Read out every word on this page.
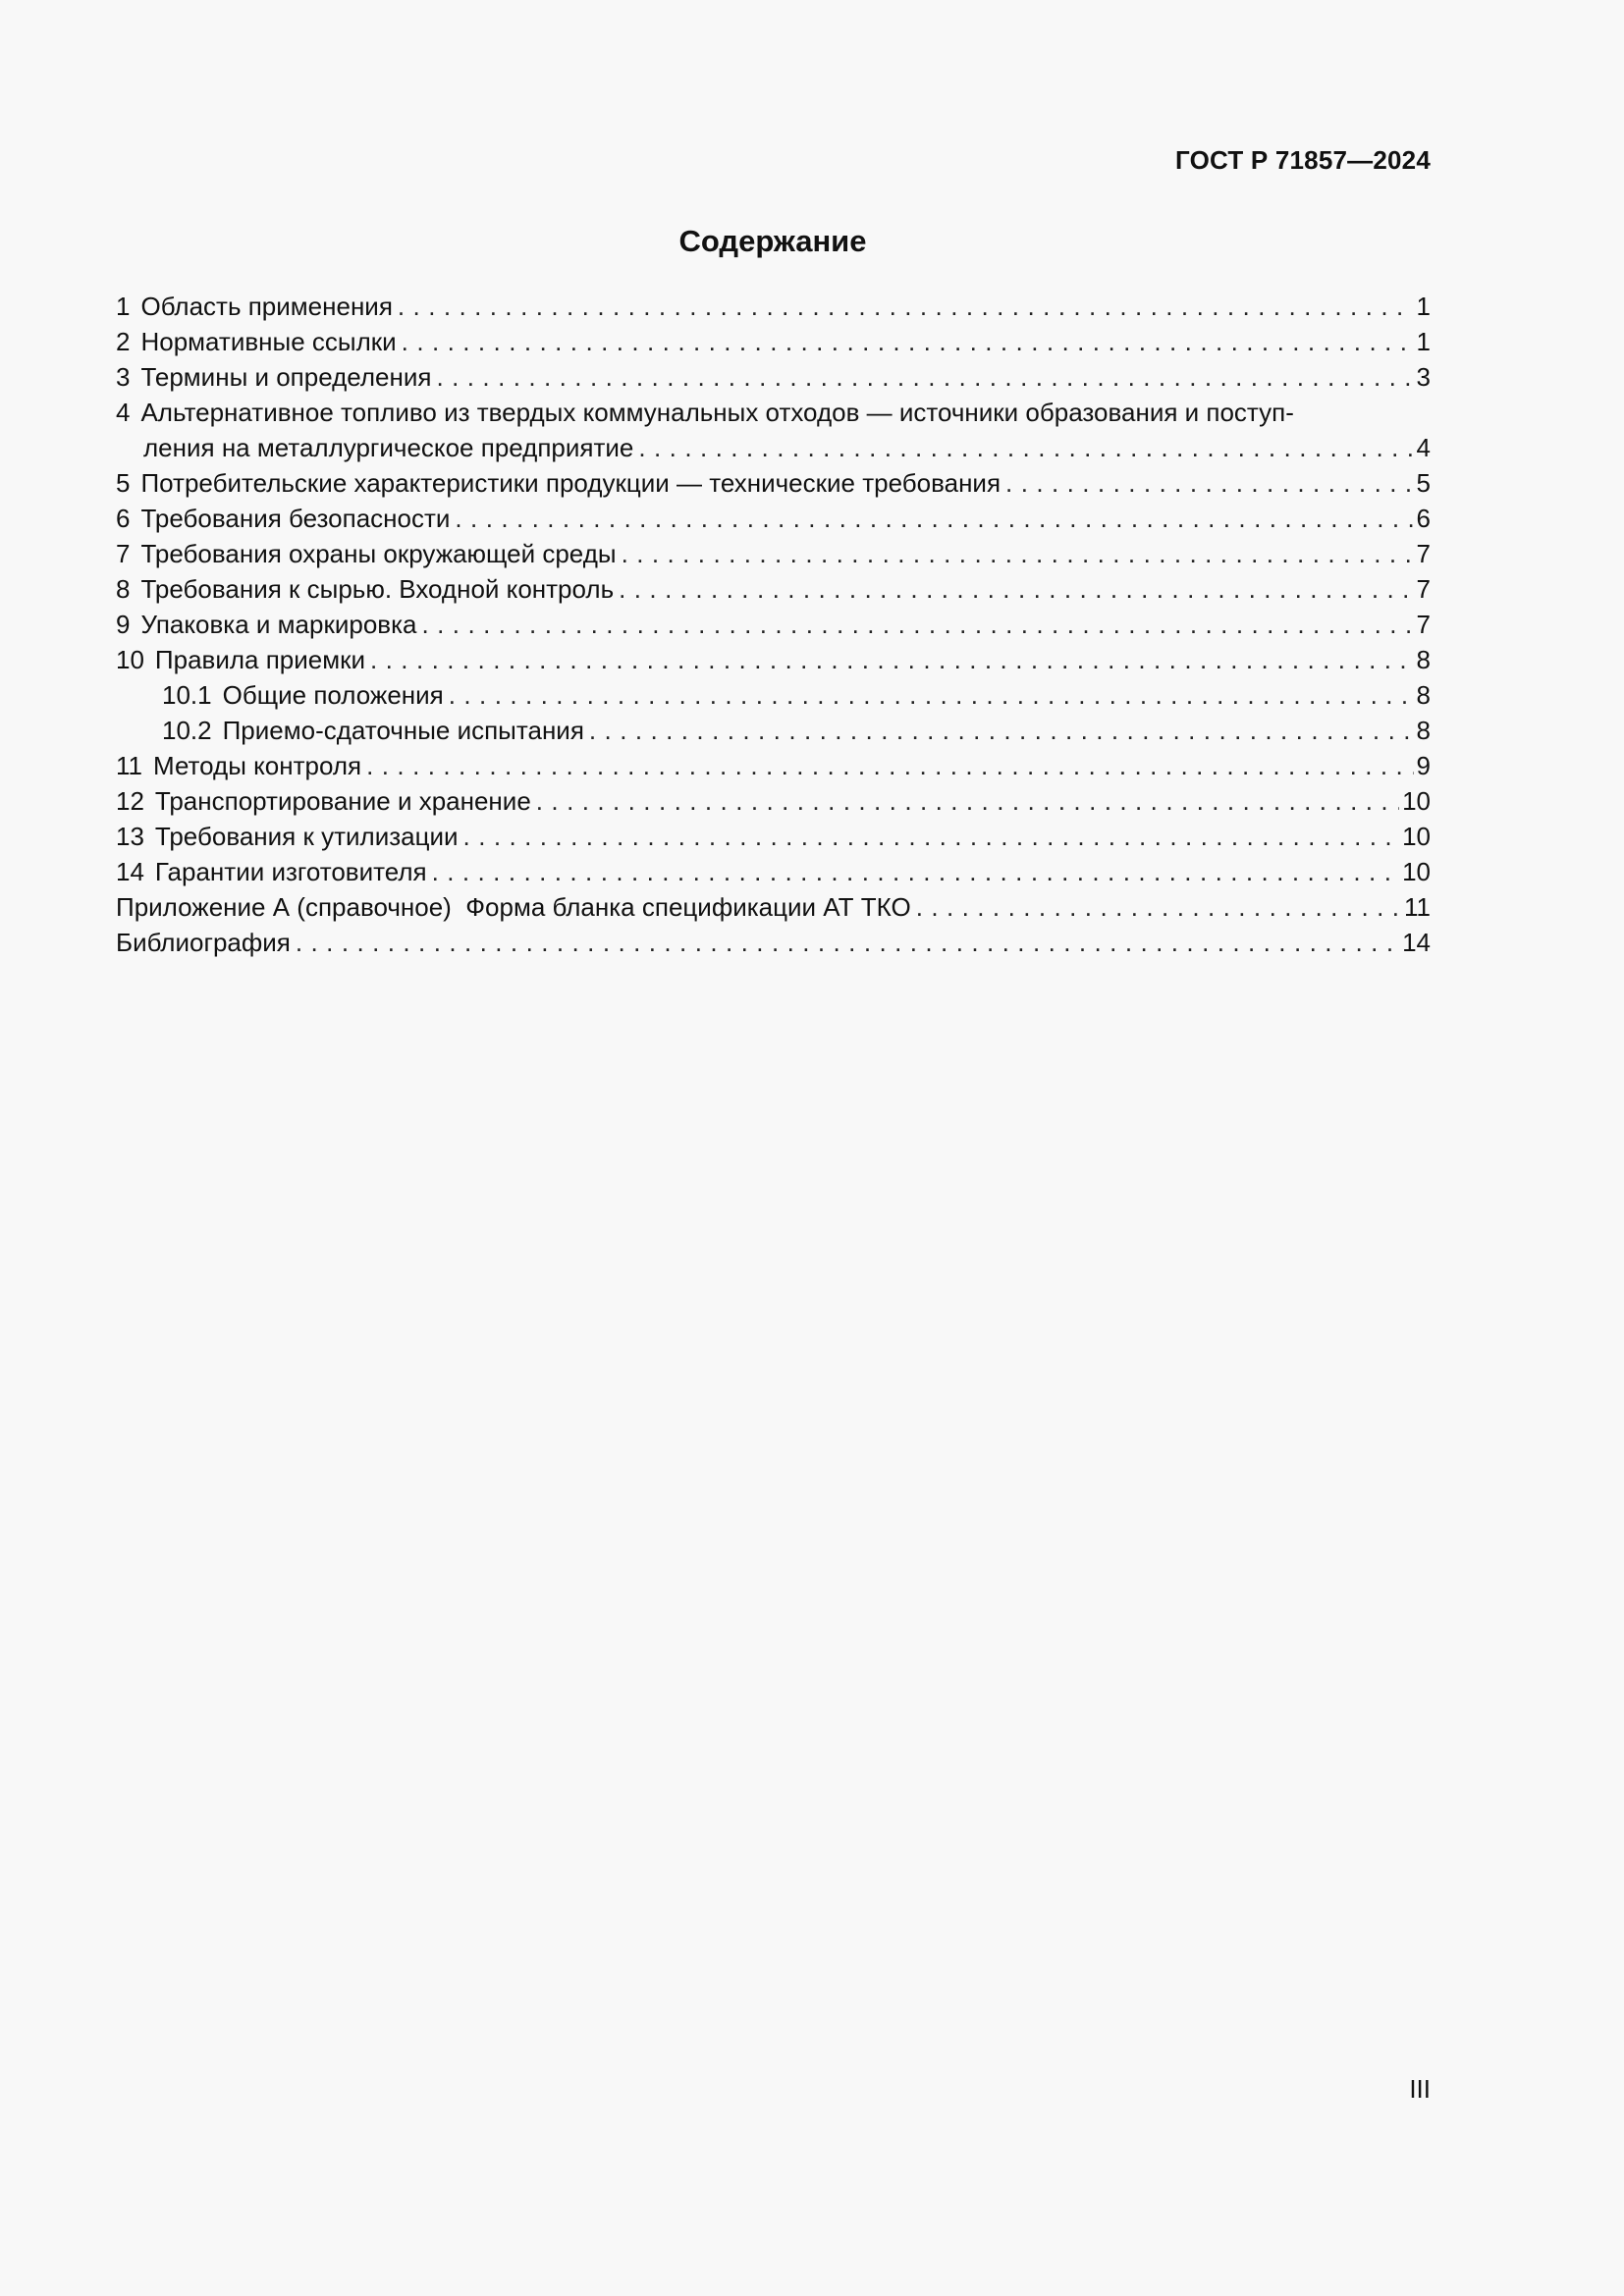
ГОСТ Р 71857—2024
Содержание
1 Область применения . . .	1
2 Нормативные ссылки . . .	1
3 Термины и определения . . .	3
4 Альтернативное топливо из твердых коммунальных отходов — источники образования и поступ-
ления на металлургическое предприятие . . .	4
5 Потребительские характеристики продукции — технические требования . . .	5
6 Требования безопасности . . .	6
7 Требования охраны окружающей среды . . .	7
8 Требования к сырью. Входной контроль . . .	7
9 Упаковка и маркировка . . .	7
10 Правила приемки . . .	8
10.1 Общие положения . . .	8
10.2 Приемо-сдаточные испытания . . .	8
11 Методы контроля . . .	9
12 Транспортирование и хранение . . .	10
13 Требования к утилизации . . .	10
14 Гарантии изготовителя . . .	10
Приложение А (справочное)  Форма бланка спецификации АТ ТКО . . .	11
Библиография . . .	14
III
